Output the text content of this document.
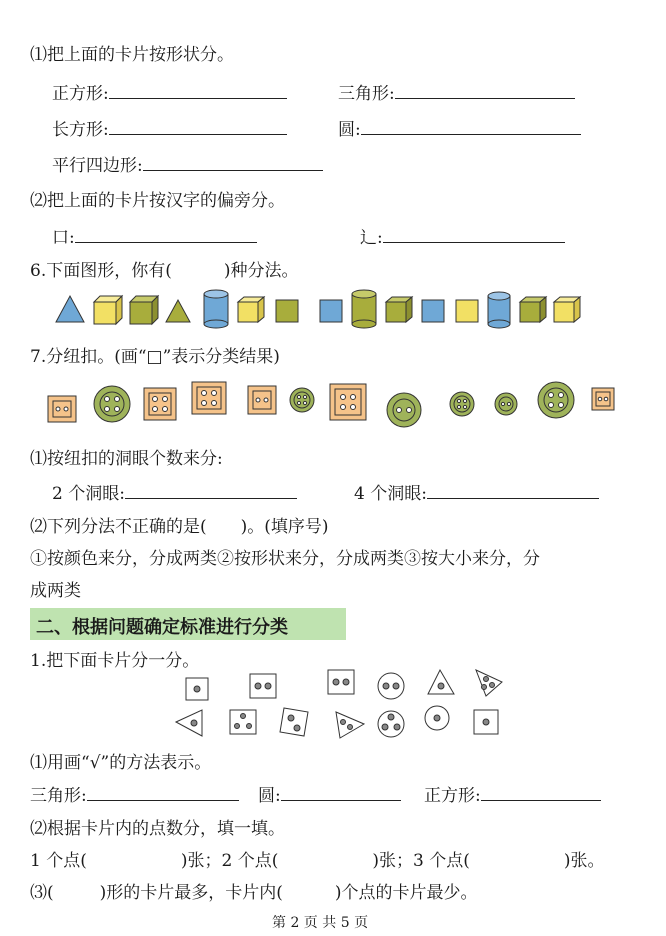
⑴把上面的卡片按形状分。
正方形:	三角形:
长方形:	圆:
平行四边形:
⑵把上面的卡片按汉字的偏旁分。
口:	辶:
6.下面图形，你有(	)种分法。
7.分纽扣。(画“□”表示分类结果)
⑴按纽扣的洞眼个数来分:
2 个洞眼:	4 个洞眼:
⑵下列分法不正确的是( )。(填序号)
①按颜色来分，分成两类②按形状来分，分成两类③按大小来分，分
成两类
二、根据问题确定标准进行分类
1.把下面卡片分一分。
⑴用画“√”的方法表示。
三角形:	圆:	正方形:
⑵根据卡片内的点数分，填一填。
1 个点(	)张；2 个点(	)张；3 个点(	)张。
⑶(	)形的卡片最多，卡片内(	)个点的卡片最少。
第 2 页 共 5 页
